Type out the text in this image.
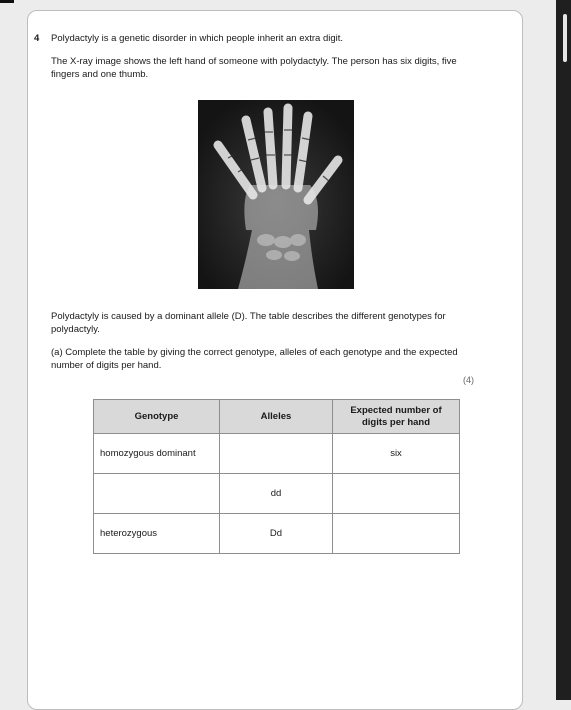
4 Polydactyly is a genetic disorder in which people inherit an extra digit.
The X-ray image shows the left hand of someone with polydactyly. The person has six digits, five fingers and one thumb.
Polydactyly is caused by a dominant allele (D). The table describes the different genotypes for polydactyly.
(a) Complete the table by giving the correct genotype, alleles of each genotype and the expected number of digits per hand.
(4)
Genotype	Alleles	Expected number of digits per hand
homozygous dominant		six
	dd	
heterozygous	Dd	
